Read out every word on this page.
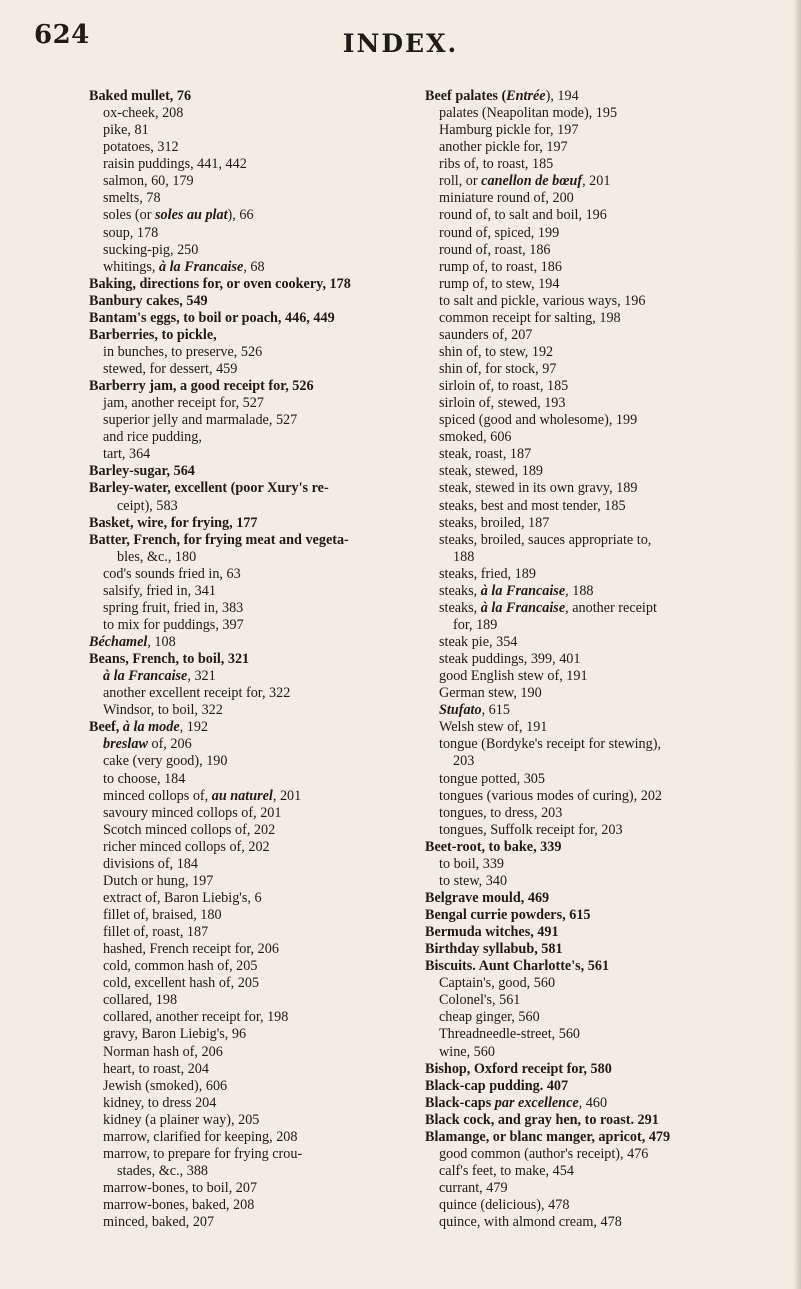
624	INDEX.
Baked mullet, 76
ox-cheek, 208
pike, 81
potatoes, 312
raisin puddings, 441, 442
salmon, 60, 179
smelts, 78
soles (or soles au plat), 66
soup, 178
sucking-pig, 250
whitings, à la Francaise, 68
Baking, directions for, or oven cookery, 178
Banbury cakes, 549
Bantam's eggs, to boil or poach, 446, 449
Barberries, to pickle,
in bunches, to preserve, 526
stewed, for dessert, 459
Barberry jam, a good receipt for, 526
jam, another receipt for, 527
superior jelly and marmalade, 527
and rice pudding,
tart, 364
Barley-sugar, 564
Barley-water, excellent (poor Xury's re-
ceipt), 583
Basket, wire, for frying, 177
Batter, French, for frying meat and vegeta-
bles, &c., 180
cod's sounds fried in, 63
salsify, fried in, 341
spring fruit, fried in, 383
to mix for puddings, 397
Béchamel, 108
Beans, French, to boil, 321
à la Francaise, 321
another excellent receipt for, 322
Windsor, to boil, 322
Beef, à la mode, 192
breslaw of, 206
cake (very good), 190
to choose, 184
minced collops of, au naturel, 201
savoury minced collops of, 201
Scotch minced collops of, 202
richer minced collops of, 202
divisions of, 184
Dutch or hung, 197
extract of, Baron Liebig's, 6
fillet of, braised, 180
fillet of, roast, 187
hashed, French receipt for, 206
cold, common hash of, 205
cold, excellent hash of, 205
collared, 198
collared, another receipt for, 198
gravy, Baron Liebig's, 96
Norman hash of, 206
heart, to roast, 204
Jewish (smoked), 606
kidney, to dress 204
kidney (a plainer way), 205
marrow, clarified for keeping, 208
marrow, to prepare for frying crou-
stades, &c., 388
marrow-bones, to boil, 207
marrow-bones, baked, 208
minced, baked, 207
Beef palates (Entrée), 194
palates (Neapolitan mode), 195
Hamburg pickle for, 197
another pickle for, 197
ribs of, to roast, 185
roll, or canellon de bœuf, 201
miniature round of, 200
round of, to salt and boil, 196
round of, spiced, 199
round of, roast, 186
rump of, to roast, 186
rump of, to stew, 194
to salt and pickle, various ways, 196
common receipt for salting, 198
saunders of, 207
shin of, to stew, 192
shin of, for stock, 97
sirloin of, to roast, 185
sirloin of, stewed, 193
spiced (good and wholesome), 199
smoked, 606
steak, roast, 187
steak, stewed, 189
steak, stewed in its own gravy, 189
steaks, best and most tender, 185
steaks, broiled, 187
steaks, broiled, sauces appropriate to,
188
steaks, fried, 189
steaks, à la Francaise, 188
steaks, à la Francaise, another receipt
for, 189
steak pie, 354
steak puddings, 399, 401
good English stew of, 191
German stew, 190
Stufato, 615
Welsh stew of, 191
tongue (Bordyke's receipt for stewing),
203
tongue potted, 305
tongues (various modes of curing), 202
tongues, to dress, 203
tongues, Suffolk receipt for, 203
Beet-root, to bake, 339
to boil, 339
to stew, 340
Belgrave mould, 469
Bengal currie powders, 615
Bermuda witches, 491
Birthday syllabub, 581
Biscuits. Aunt Charlotte's, 561
Captain's, good, 560
Colonel's, 561
cheap ginger, 560
Threadneedle-street, 560
wine, 560
Bishop, Oxford receipt for, 580
Black-cap pudding. 407
Black-caps par excellence, 460
Black cock, and gray hen, to roast. 291
Blamange, or blanc manger, apricot, 479
good common (author's receipt), 476
calf's feet, to make, 454
currant, 479
quince (delicious), 478
quince, with almond cream, 478
